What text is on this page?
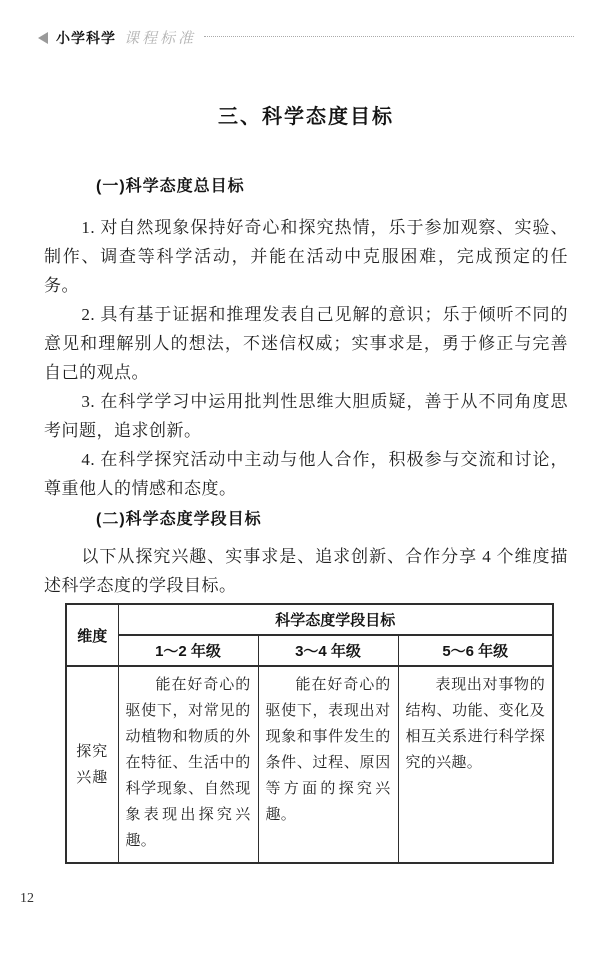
小学科学 课程标准
三、科学态度目标
(一)科学态度总目标

1. 对自然现象保持好奇心和探究热情，乐于参加观察、实验、制作、调查等科学活动，并能在活动中克服困难，完成预定的任务。

2. 具有基于证据和推理发表自己见解的意识；乐于倾听不同的意见和理解别人的想法，不迷信权威；实事求是，勇于修正与完善自己的观点。

3. 在科学学习中运用批判性思维大胆质疑，善于从不同角度思考问题，追求创新。

4. 在科学探究活动中主动与他人合作，积极参与交流和讨论，尊重他人的情感和态度。

(二)科学态度学段目标

以下从探究兴趣、实事求是、追求创新、合作分享 4 个维度描述科学态度的学段目标。

维度	科学态度学段目标		
	1～2 年级	3～4 年级	5～6 年级
探究兴趣	能在好奇心的驱使下，对常见的动植物和物质的外在特征、生活中的科学现象、自然现象表现出探究兴趣。	能在好奇心的驱使下，表现出对现象和事件发生的条件、过程、原因等方面的探究兴趣。	表现出对事物的结构、功能、变化及相互关系进行科学探究的兴趣。
12
